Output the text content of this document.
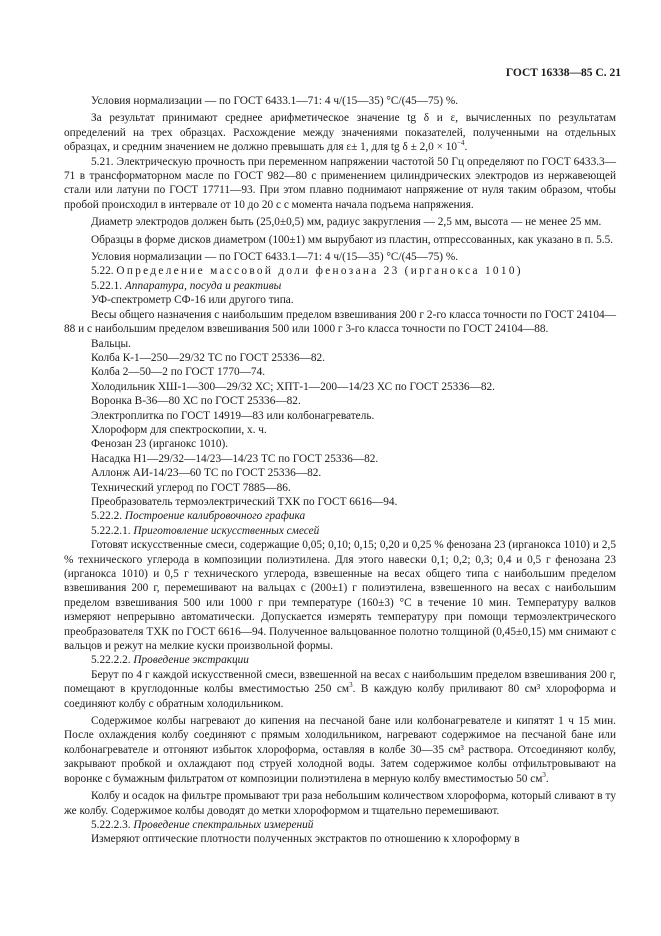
ГОСТ 16338—85 С. 21

Условия нормализации — по ГОСТ 6433.1—71: 4 ч/(15—35) °С/(45—75) %.

За результат принимают среднее арифметическое значение tg δ и ε, вычисленных по результатам определений на трех образцах. Расхождение между значениями показателей, полученными на отдельных образцах, и средним значением не должно превышать для ε± 1, для tg $\delta \pm 2,0 \times 10^{-4}$.

5.21. Электрическую прочность при переменном напряжении частотой 50 Гц определяют по ГОСТ 6433.3—71 в трансформаторном масле по ГОСТ 982—80 с применением цилиндрических электродов из нержавеющей стали или латуни по ГОСТ 17711—93. При этом плавно поднимают напряжение от нуля таким образом, чтобы пробой происходил в интервале от 10 до 20 с с момента начала подъема напряжения.

Диаметр электродов должен быть (25,0±0,5) мм, радиус закругления — 2,5 мм, высота — не менее 25 мм.

Образцы в форме дисков диаметром (100±1) мм вырубают из пластин, отпрессованных, как указано в п. 5.5.

Условия нормализации — по ГОСТ 6433.1—71: 4 ч/(15—35) °С/(45—75) %.

5.22. Определение массовой доли фенозана 23 (ирганокса 1010)

5.22.1. Аппаратура, посуда и реактивы

УФ-спектрометр СФ-16 или другого типа.

Весы общего назначения с наибольшим пределом взвешивания 200 г 2-го класса точности по ГОСТ 24104—88 и с наибольшим пределом взвешивания 500 или 1000 г 3-го класса точности по ГОСТ 24104—88.

Вальцы.

Колба К-1—250—29/32 ТС по ГОСТ 25336—82.

Колба 2—50—2 по ГОСТ 1770—74.

Холодильник ХШ-1—300—29/32 ХС; ХПТ-1—200—14/23 ХС по ГОСТ 25336—82.

Воронка В-36—80 ХС по ГОСТ 25336—82.

Электроплитка по ГОСТ 14919—83 или колбонагреватель.

Хлороформ для спектроскопии, х. ч.

Фенозан 23 (ирганокс 1010).

Насадка Н1—29/32—14/23—14/23 ТС по ГОСТ 25336—82.

Аллонж АИ-14/23—60 ТС по ГОСТ 25336—82.

Технический углерод по ГОСТ 7885—86.

Преобразователь термоэлектрический ТХК по ГОСТ 6616—94.

5.22.2. Построение калибровочного графика

5.22.2.1. Приготовление искусственных смесей

Готовят искусственные смеси, содержащие 0,05; 0,10; 0,15; 0,20 и 0,25 % фенозана 23 (ирганокса 1010) и 2,5 % технического углерода в композиции полиэтилена. Для этого навески 0,1; 0,2; 0,3; 0,4 и 0,5 г фенозана 23 (ирганокса 1010) и 0,5 г технического углерода, взвешенные на весах общего типа с наибольшим пределом взвешивания 200 г, перемешивают на вальцах с (200±1) г полиэтилена, взвешенного на весах с наибольшим пределом взвешивания 500 или 1000 г при температуре (160±3) °С в течение 10 мин. Температуру валков измеряют непрерывно автоматически. Допускается измерять температуру при помощи термоэлектрического преобразователя ТХК по ГОСТ 6616—94. Полученное вальцованное полотно толщиной (0,45±0,15) мм снимают с вальцов и режут на мелкие куски произвольной формы.

5.22.2.2. Проведение экстракции

Берут по 4 г каждой искусственной смеси, взвешенной на весах с наибольшим пределом взвешивания 200 г, помещают в круглодонные колбы вместимостью 250 $см^3$. В каждую колбу приливают 80 см³ хлороформа и соединяют колбу с обратным холодильником.

Содержимое колбы нагревают до кипения на песчаной бане или колбонагревателе и кипятят 1 ч 15 мин. После охлаждения колбу соединяют с прямым холодильником, нагревают содержимое на песчаной бане или колбонагревателе и отгоняют избыток хлороформа, оставляя в колбе 30—35 см³ раствора. Отсоединяют колбу, закрывают пробкой и охлаждают под струей холодной воды. Затем содержимое колбы отфильтровывают на воронке с бумажным фильтратом от композиции полиэтилена в мерную колбу вместимостью 50 $см^3$.

Колбу и осадок на фильтре промывают три раза небольшим количеством хлороформа, который сливают в ту же колбу. Содержимое колбы доводят до метки хлороформом и тщательно перемешивают.

5.22.2.3. Проведение спектральных измерений

Измеряют оптические плотности полученных экстрактов по отношению к хлороформу в
